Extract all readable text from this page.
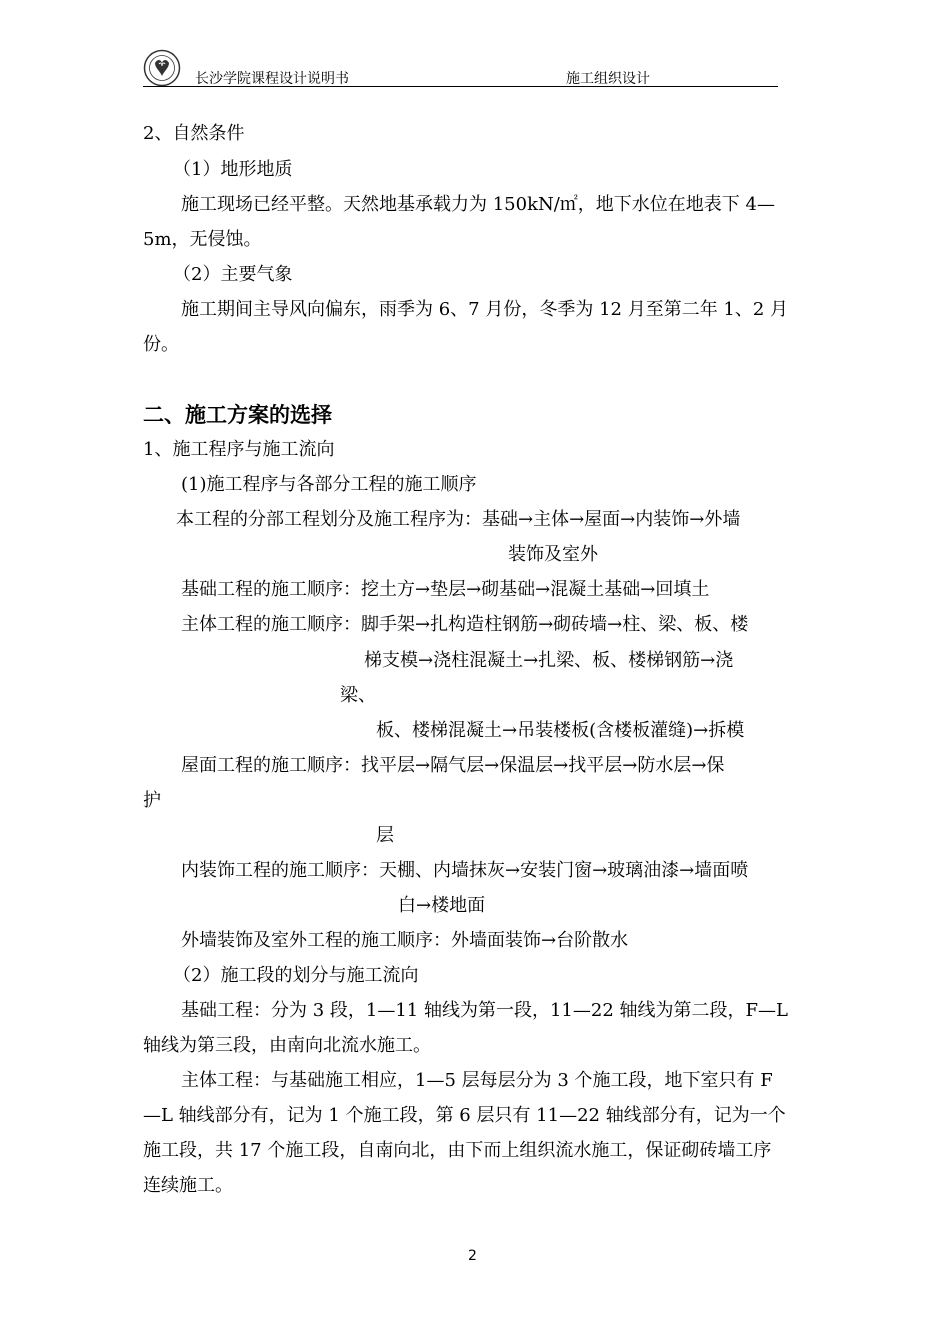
长沙学院课程设计说明书	施工组织设计
2、自然条件
（1）地形地质
施工现场已经平整。天然地基承载力为 150kN/㎡，地下水位在地表下 4—
5m，无侵蚀。
（2）主要气象
施工期间主导风向偏东，雨季为 6、7 月份，冬季为 12 月至第二年 1、2 月
份。
二、施工方案的选择
1、施工程序与施工流向
(1)施工程序与各部分工程的施工顺序
本工程的分部工程划分及施工程序为：基础→主体→屋面→内装饰→外墙
装饰及室外
基础工程的施工顺序：挖土方→垫层→砌基础→混凝土基础→回填土
主体工程的施工顺序：脚手架→扎构造柱钢筋→砌砖墙→柱、梁、板、楼
梯支模→浇柱混凝土→扎梁、板、楼梯钢筋→浇
梁、
板、楼梯混凝土→吊装楼板(含楼板灌缝)→拆模
屋面工程的施工顺序：找平层→隔气层→保温层→找平层→防水层→保
护
层
内装饰工程的施工顺序：天棚、内墙抹灰→安装门窗→玻璃油漆→墙面喷
白→楼地面
外墙装饰及室外工程的施工顺序：外墙面装饰→台阶散水
（2）施工段的划分与施工流向
基础工程：分为 3 段，1—11 轴线为第一段，11—22 轴线为第二段，F—L
轴线为第三段，由南向北流水施工。
主体工程：与基础施工相应，1—5 层每层分为 3 个施工段，地下室只有 F
—L 轴线部分有，记为 1 个施工段，第 6 层只有 11—22 轴线部分有，记为一个
施工段，共 17 个施工段，自南向北，由下而上组织流水施工，保证砌砖墙工序
连续施工。
2
